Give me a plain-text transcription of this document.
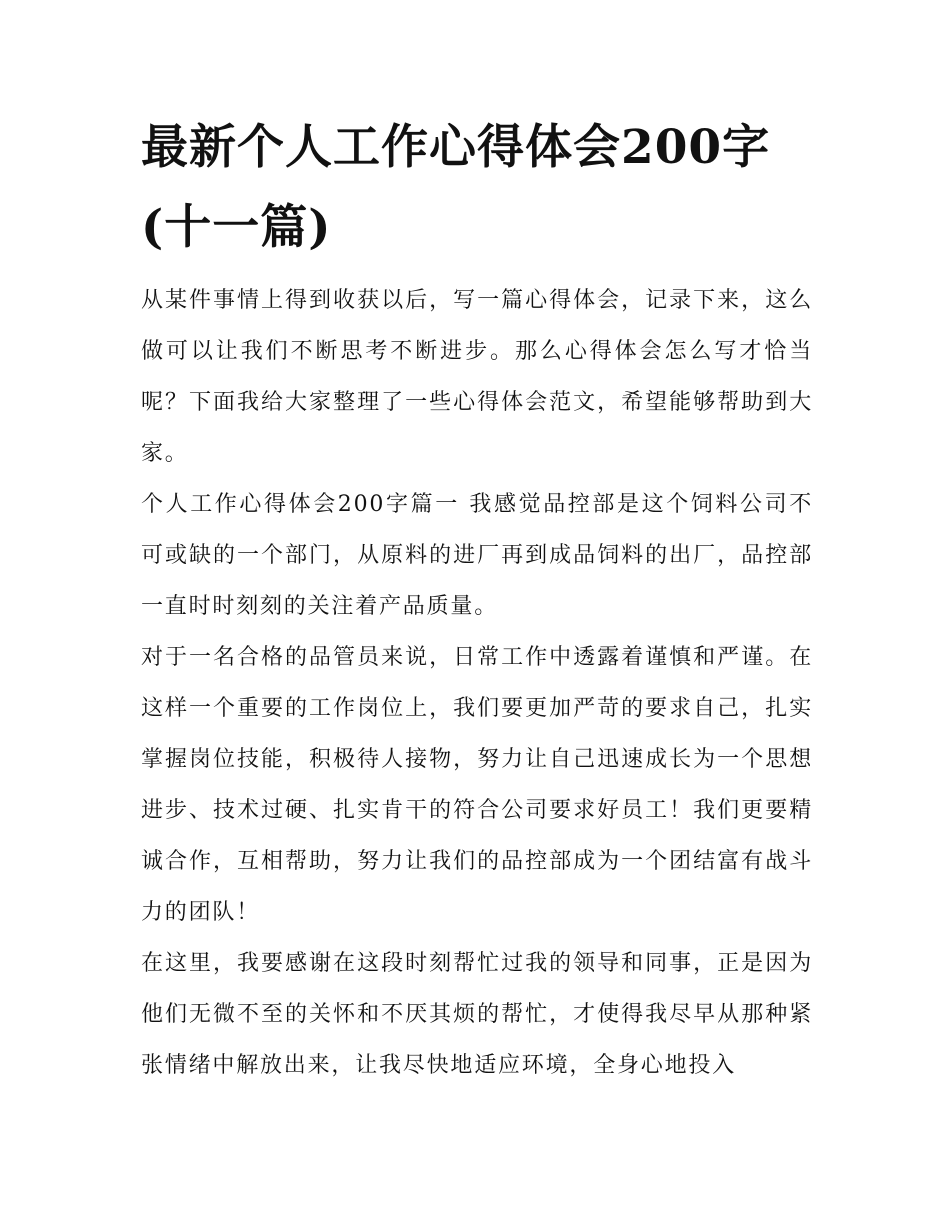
最新个人工作心得体会200字(十一篇)

从某件事情上得到收获以后，写一篇心得体会，记录下来，这么做可以让我们不断思考不断进步。那么心得体会怎么写才恰当呢？下面我给大家整理了一些心得体会范文，希望能够帮助到大家。

个人工作心得体会200字篇一 我感觉品控部是这个饲料公司不可或缺的一个部门，从原料的进厂再到成品饲料的出厂，品控部一直时时刻刻的关注着产品质量。

对于一名合格的品管员来说，日常工作中透露着谨慎和严谨。在这样一个重要的工作岗位上，我们要更加严苛的要求自己，扎实掌握岗位技能，积极待人接物，努力让自己迅速成长为一个思想进步、技术过硬、扎实肯干的符合公司要求好员工！我们更要精诚合作，互相帮助，努力让我们的品控部成为一个团结富有战斗力的团队！

在这里，我要感谢在这段时刻帮忙过我的领导和同事，正是因为他们无微不至的关怀和不厌其烦的帮忙，才使得我尽早从那种紧张情绪中解放出来，让我尽快地适应环境，全身心地投入
